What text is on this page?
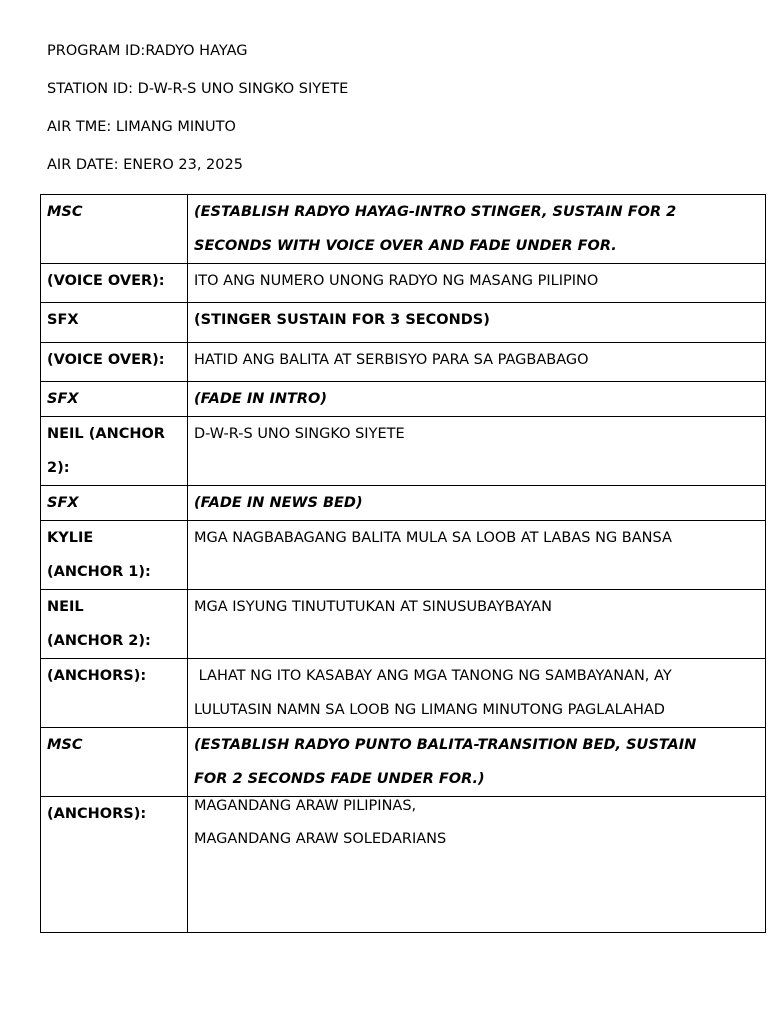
PROGRAM ID:RADYO HAYAG

STATION ID: D-W-R-S UNO SINGKO SIYETE

AIR TME: LIMANG MINUTO

AIR DATE: ENERO 23, 2025

MSC	(ESTABLISH RADYO HAYAG-INTRO STINGER, SUSTAIN FOR 2
SECONDS WITH VOICE OVER AND FADE UNDER FOR.

(VOICE OVER):	ITO ANG NUMERO UNONG RADYO NG MASANG PILIPINO

SFX	(STINGER SUSTAIN FOR 3 SECONDS)

(VOICE OVER):	HATID ANG BALITA AT SERBISYO PARA SA PAGBABAGO

SFX	(FADE IN INTRO)

NEIL (ANCHOR
2):	D-W-R-S UNO SINGKO SIYETE

SFX	(FADE IN NEWS BED)

KYLIE
(ANCHOR 1):	MGA NAGBABAGANG BALITA MULA SA LOOB AT LABAS NG BANSA

NEIL
(ANCHOR 2):	MGA ISYUNG TINUTUTUKAN AT SINUSUBAYBAYAN

(ANCHORS):	LAHAT NG ITO KASABAY ANG MGA TANONG NG SAMBAYANAN, AY
LULUTASIN NAMN SA LOOB NG LIMANG MINUTONG PAGLALAHAD

MSC	(ESTABLISH RADYO PUNTO BALITA-TRANSITION BED, SUSTAIN
FOR 2 SECONDS FADE UNDER FOR.)

(ANCHORS):	MAGANDANG ARAW PILIPINAS,
MAGANDANG ARAW SOLEDARIANS
